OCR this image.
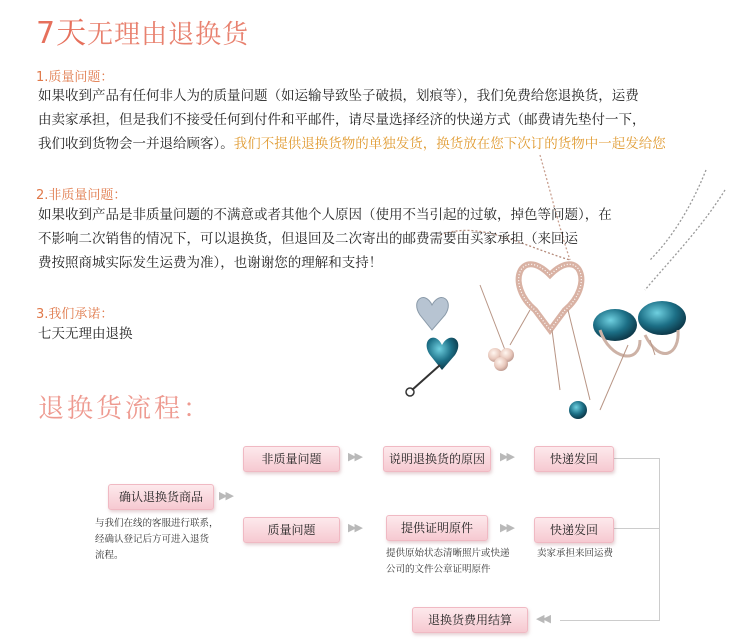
7天无理由退换货
1.质量问题：
如果收到产品有任何非人为的质量问题（如运输导致坠子破损，划痕等），我们免费给您退换货，运费
由卖家承担，但是我们不接受任何到付件和平邮件，请尽量选择经济的快递方式（邮费请先垫付一下，
我们收到货物会一并退给顾客）。我们不提供退换货物的单独发货，换货放在您下次订的货物中一起发给您
2.非质量问题：
如果收到产品是非质量问题的不满意或者其他个人原因（使用不当引起的过敏，掉色等问题），在
不影响二次销售的情况下，可以退换货，但退回及二次寄出的邮费需要由买家承担（来回运
费按照商城实际发生运费为准），也谢谢您的理解和支持！
3.我们承诺：
七天无理由退换
退换货流程：
非质量问题	▶▶	说明退换货的原因	▶▶	快递发回
确认退换货商品	▶▶
与我们在线的客服进行联系，
经确认登记后方可进入退货
流程。
质量问题	▶▶	提供证明原件	▶▶	快递发回
提供原始状态清晰照片或快递
公司的文件公章证明原件
卖家承担来回运费
退换货费用结算	◀◀
